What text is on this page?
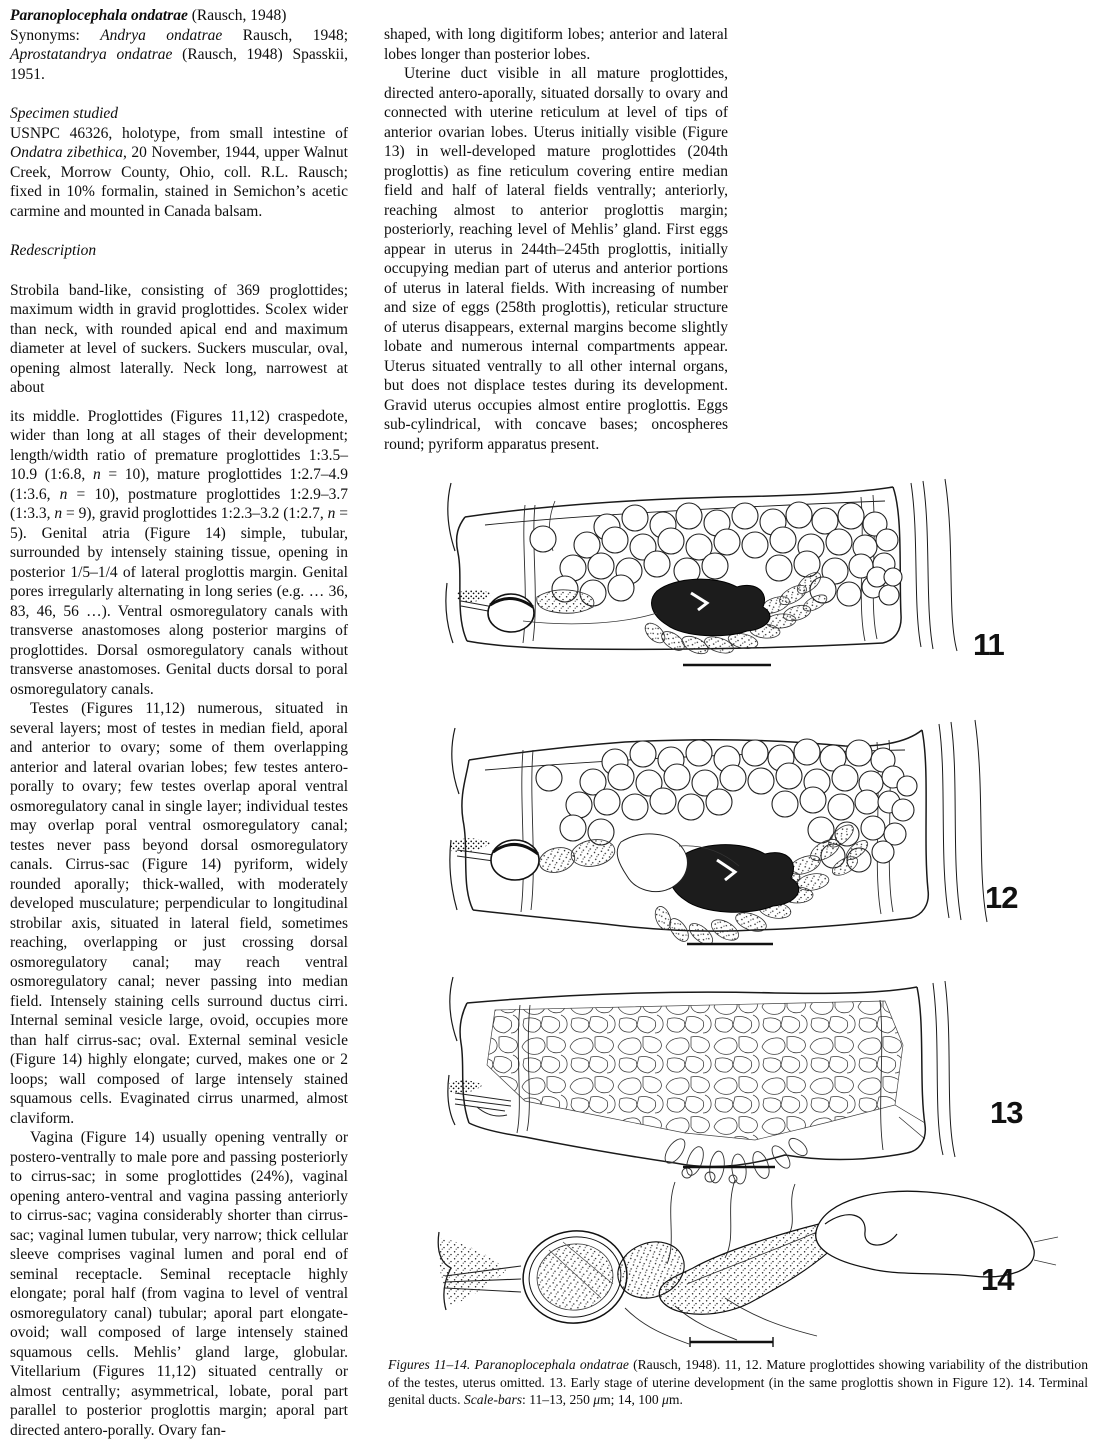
Paranoplocephala ondatrae (Rausch, 1948)

Synonyms: Andrya ondatrae Rausch, 1948; Aprostatandrya ondatrae (Rausch, 1948) Spasskii, 1951.

Specimen studied

USNPC 46326, holotype, from small intestine of Ondatra zibethica, 20 November, 1944, upper Walnut Creek, Morrow County, Ohio, coll. R.L. Rausch; fixed in 10% formalin, stained in Semichon’s acetic carmine and mounted in Canada balsam.

Redescription

Strobila band-like, consisting of 369 proglottides; maximum width in gravid proglottides. Scolex wider than neck, with rounded apical end and maximum diameter at level of suckers. Suckers muscular, oval, opening almost laterally. Neck long, narrowest at about

its middle. Proglottides (Figures 11,12) craspedote, wider than long at all stages of their development; length/width ratio of premature proglottides 1:3.5–10.9 (1:6.8, n = 10), mature proglottides 1:2.7–4.9 (1:3.6, n = 10), postmature proglottides 1:2.9–3.7 (1:3.3, n = 9), gravid proglottides 1:2.3–3.2 (1:2.7, n = 5). Genital atria (Figure 14) simple, tubular, surrounded by intensely staining tissue, opening in posterior 1/5–1/4 of lateral proglottis margin. Genital pores irregularly alternating in long series (e.g. … 36, 83, 46, 56 …). Ventral osmoregulatory canals with transverse anastomoses along posterior margins of proglottides. Dorsal osmoregulatory canals without transverse anastomoses. Genital ducts dorsal to poral osmoregulatory canals.

Testes (Figures 11,12) numerous, situated in several layers; most of testes in median field, aporal and anterior to ovary; some of them overlapping anterior and lateral ovarian lobes; few testes antero-porally to ovary; few testes overlap aporal ventral osmoregulatory canal in single layer; individual testes may overlap poral ventral osmoregulatory canal; testes never pass beyond dorsal osmoregulatory canals. Cirrus-sac (Figure 14) pyriform, widely rounded aporally; thick-walled, with moderately developed musculature; perpendicular to longitudinal strobilar axis, situated in lateral field, sometimes reaching, overlapping or just crossing dorsal osmoregulatory canal; may reach ventral osmoregulatory canal; never passing into median field. Intensely staining cells surround ductus cirri. Internal seminal vesicle large, ovoid, occupies more than half cirrus-sac; oval. External seminal vesicle (Figure 14) highly elongate; curved, makes one or 2 loops; wall composed of large intensely stained squamous cells. Evaginated cirrus unarmed, almost claviform.

Vagina (Figure 14) usually opening ventrally or postero-ventrally to male pore and passing posteriorly to cirrus-sac; in some proglottides (24%), vaginal opening antero-ventral and vagina passing anteriorly to cirrus-sac; vagina considerably shorter than cirrus-sac; vaginal lumen tubular, very narrow; thick cellular sleeve comprises vaginal lumen and poral end of seminal receptacle. Seminal receptacle highly elongate; poral half (from vagina to level of ventral osmoregulatory canal) tubular; aporal part elongate-ovoid; wall composed of large intensely stained squamous cells. Mehlis’ gland large, globular. Vitellarium (Figures 11,12) situated centrally or almost centrally; asymmetrical, lobate, poral part parallel to posterior proglottis margin; aporal part directed antero-porally. Ovary fan-

shaped, with long digitiform lobes; anterior and lateral lobes longer than posterior lobes.

Uterine duct visible in all mature proglottides, directed antero-aporally, situated dorsally to ovary and connected with uterine reticulum at level of tips of anterior ovarian lobes. Uterus initially visible (Figure 13) in well-developed mature proglottides (204th proglottis) as fine reticulum covering entire median field and half of lateral fields ventrally; anteriorly, reaching almost to anterior proglottis margin; posteriorly, reaching level of Mehlis’ gland. First eggs appear in uterus in 244th–245th proglottis, initially occupying median part of uterus and anterior portions of uterus in lateral fields. With increasing of number and size of eggs (258th proglottis), reticular structure of uterus disappears, external margins become slightly lobate and numerous internal compartments appear. Uterus situated ventrally to all other internal organs, but does not displace testes during its development. Gravid uterus occupies almost entire proglottis. Eggs sub-cylindrical, with concave bases; oncospheres round; pyriform apparatus present.

11
12
13
14
Figures 11–14. Paranoplocephala ondatrae (Rausch, 1948). 11, 12. Mature proglottides showing variability of the distribution of the testes, uterus omitted. 13. Early stage of uterine development (in the same proglottis shown in Figure 12). 14. Terminal genital ducts. Scale-bars: 11–13, 250 μm; 14, 100 μm.
